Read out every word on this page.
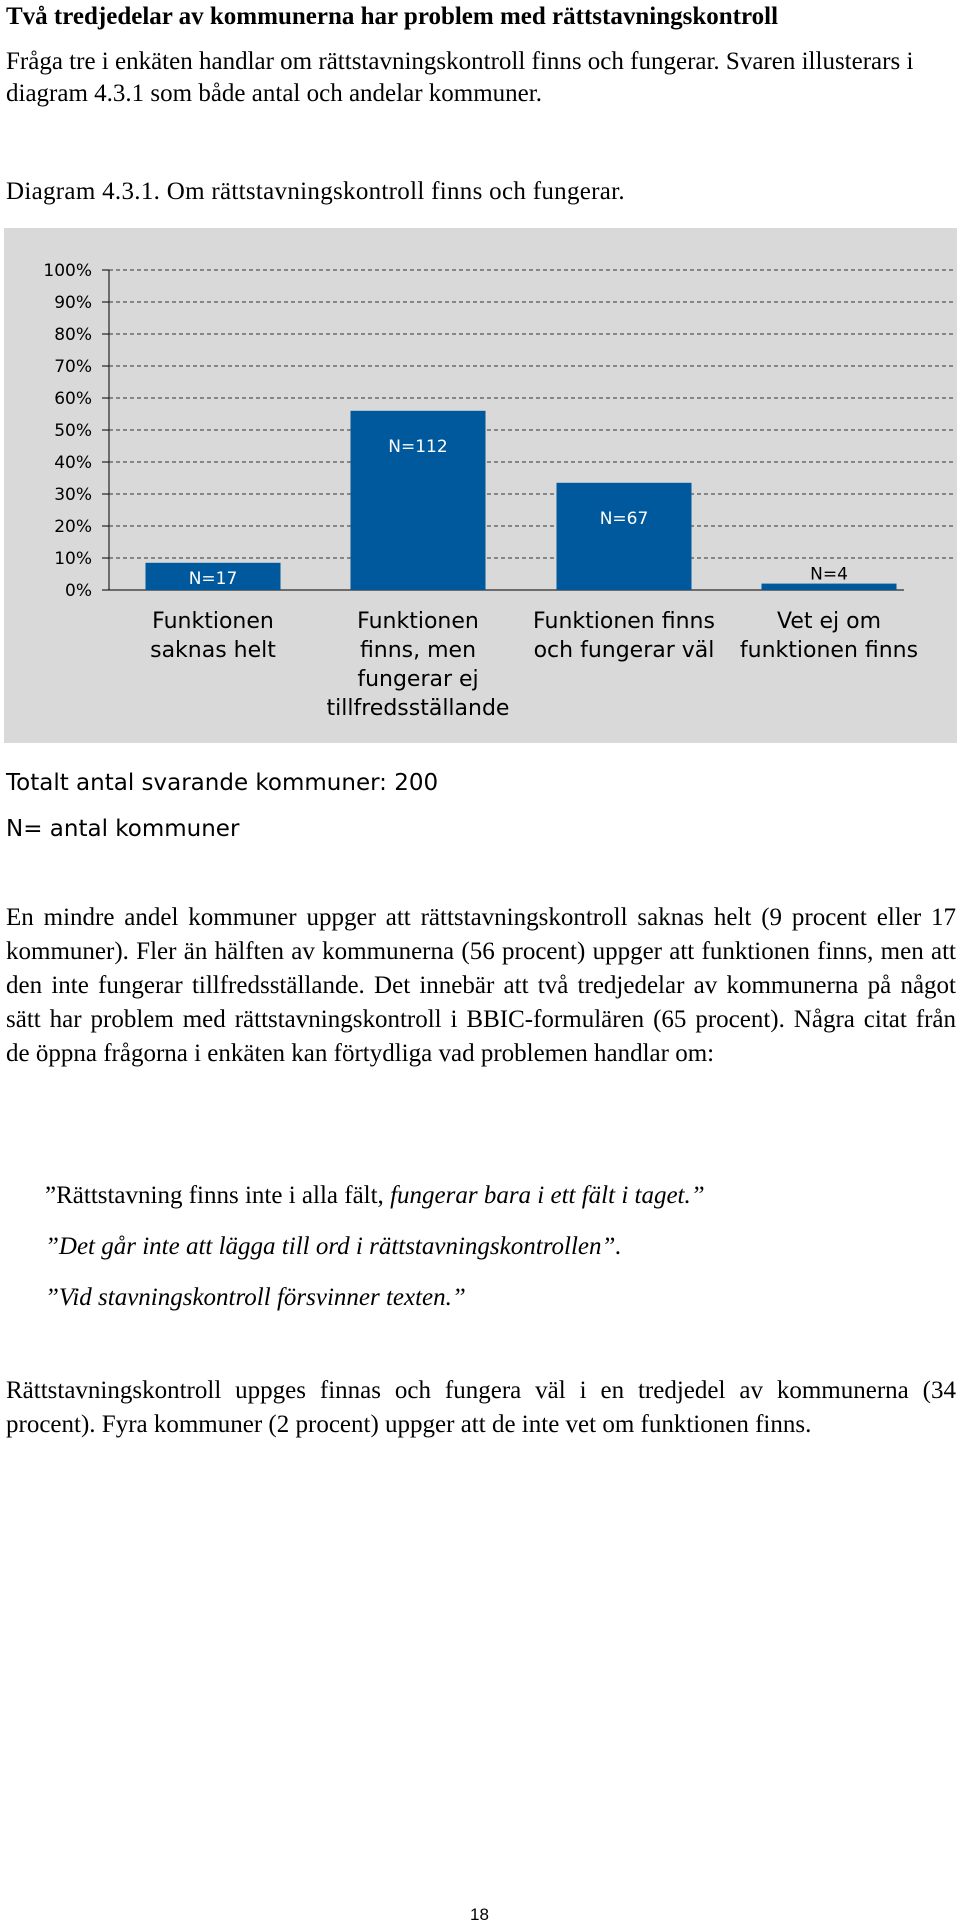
Två tredjedelar av kommunerna har problem med rättstavningskontroll
Fråga tre i enkäten handlar om rättstavningskontroll finns och fungerar. Svaren illusterars i diagram 4.3.1 som både antal och andelar kommuner.
Diagram 4.3.1. Om rättstavningskontroll finns och fungerar.
0%
10%
20%
30%
40%
50%
60%
70%
80%
90%
100%
N=17
Funktionen
saknas helt
N=112
Funktionen
finns, men
fungerar ej
tillfredsställande
N=67
Funktionen finns
och fungerar väl
N=4
Vet ej om
funktionen finns
Totalt antal svarande kommuner: 200
N= antal kommuner
En mindre andel kommuner uppger att rättstavningskontroll saknas helt (9 procent eller 17 kommuner). Fler än hälften av kommunerna (56 procent) uppger att funktionen finns, men att den inte fungerar tillfredsställande. Det innebär att två tredjedelar av kommunerna på något sätt har problem med rättstavningskontroll i BBIC-formulären (65 procent). Några citat från de öppna frågorna i enkäten kan förtydliga vad problemen handlar om:
”Rättstavning finns inte i alla fält, fungerar bara i ett fält i taget.”
”Det går inte att lägga till ord i rättstavningskontrollen”.
”Vid stavningskontroll försvinner texten.”
Rättstavningskontroll uppges finnas och fungera väl i en tredjedel av kommunerna (34 procent). Fyra kommuner (2 procent) uppger att de inte vet om funktionen finns.
18
